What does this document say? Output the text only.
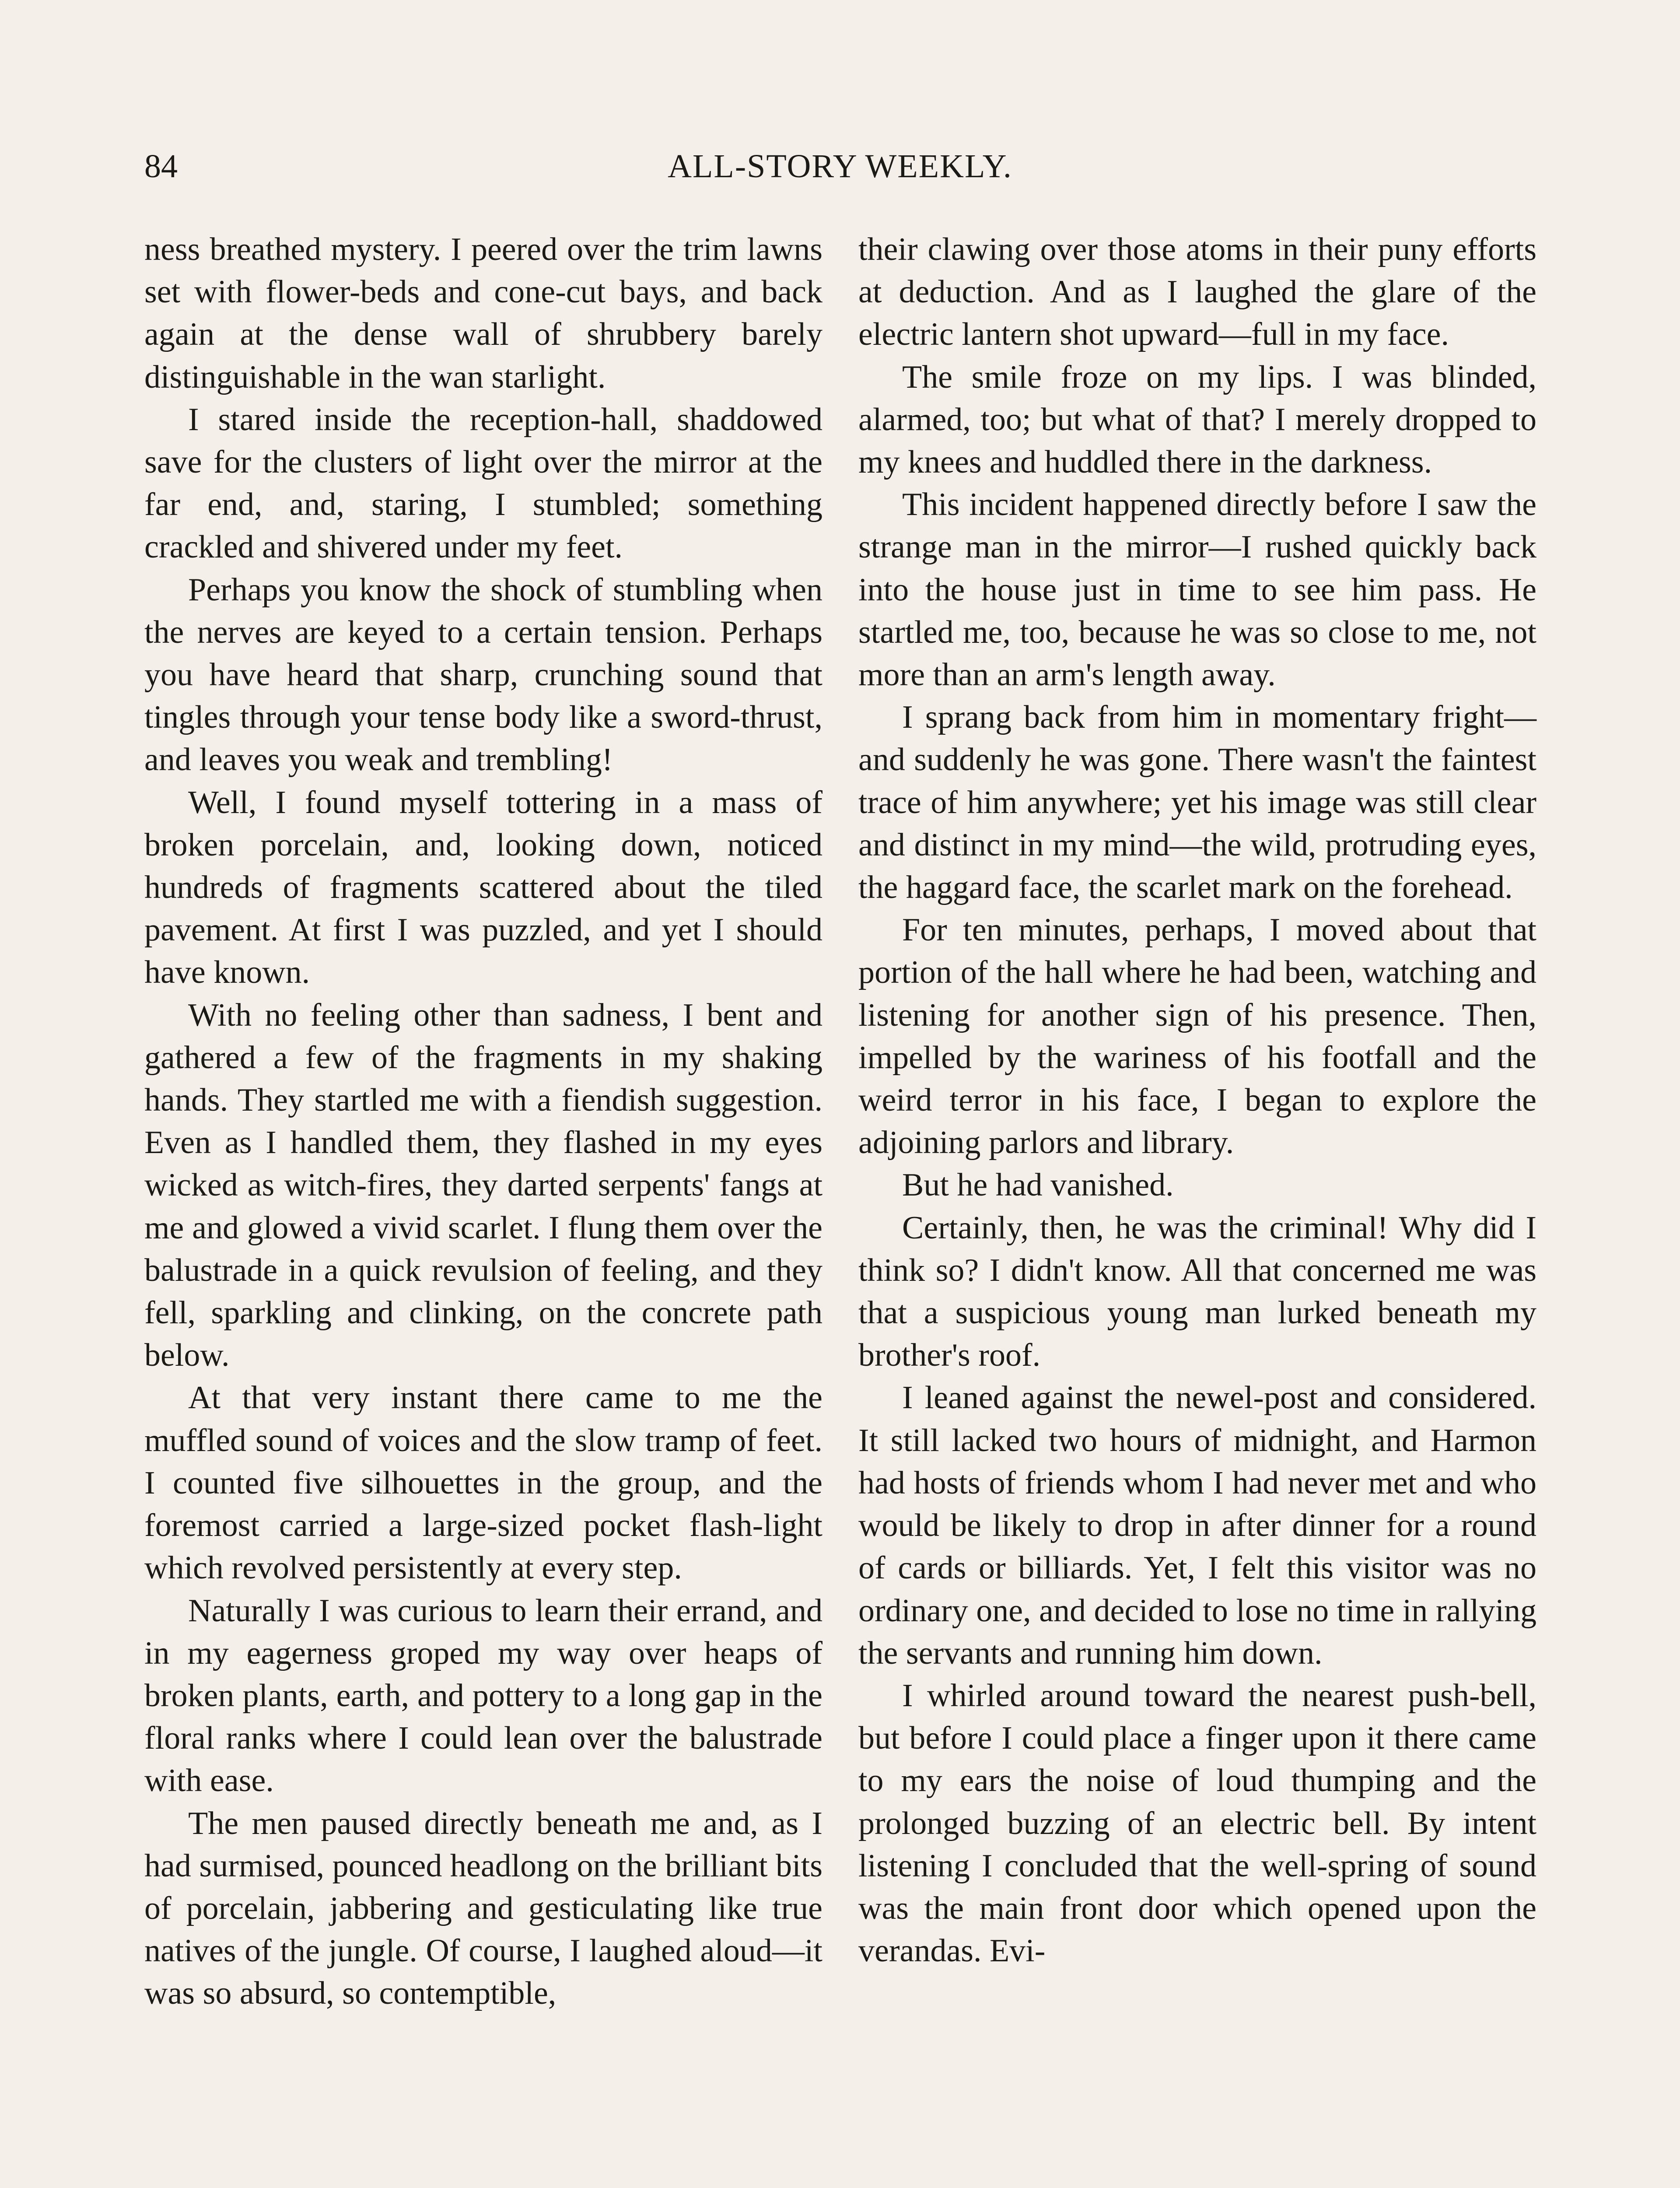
84	ALL-STORY WEEKLY.

ness breathed mystery. I peered over the trim lawns set with flower-beds and cone-cut bays, and back again at the dense wall of shrubbery barely distinguishable in the wan starlight.

I stared inside the reception-hall, shaddowed save for the clusters of light over the mirror at the far end, and, staring, I stumbled; something crackled and shivered under my feet.

Perhaps you know the shock of stumbling when the nerves are keyed to a certain tension. Perhaps you have heard that sharp, crunching sound that tingles through your tense body like a sword-thrust, and leaves you weak and trembling!

Well, I found myself tottering in a mass of broken porcelain, and, looking down, noticed hundreds of fragments scattered about the tiled pavement. At first I was puzzled, and yet I should have known.

With no feeling other than sadness, I bent and gathered a few of the fragments in my shaking hands. They startled me with a fiendish suggestion. Even as I handled them, they flashed in my eyes wicked as witch-fires, they darted serpents' fangs at me and glowed a vivid scarlet. I flung them over the balustrade in a quick revulsion of feeling, and they fell, sparkling and clinking, on the concrete path below.

At that very instant there came to me the muffled sound of voices and the slow tramp of feet. I counted five silhouettes in the group, and the foremost carried a large-sized pocket flash-light which revolved persistently at every step.

Naturally I was curious to learn their errand, and in my eagerness groped my way over heaps of broken plants, earth, and pottery to a long gap in the floral ranks where I could lean over the balustrade with ease.

The men paused directly beneath me and, as I had surmised, pounced headlong on the brilliant bits of porcelain, jabbering and gesticulating like true natives of the jungle. Of course, I laughed aloud—it was so absurd, so contemptible,

their clawing over those atoms in their puny efforts at deduction. And as I laughed the glare of the electric lantern shot upward—full in my face.

The smile froze on my lips. I was blinded, alarmed, too; but what of that? I merely dropped to my knees and huddled there in the darkness.

This incident happened directly before I saw the strange man in the mirror—I rushed quickly back into the house just in time to see him pass. He startled me, too, because he was so close to me, not more than an arm's length away.

I sprang back from him in momentary fright—and suddenly he was gone. There wasn't the faintest trace of him anywhere; yet his image was still clear and distinct in my mind—the wild, protruding eyes, the haggard face, the scarlet mark on the forehead.

For ten minutes, perhaps, I moved about that portion of the hall where he had been, watching and listening for another sign of his presence. Then, impelled by the wariness of his footfall and the weird terror in his face, I began to explore the adjoining parlors and library.

But he had vanished.

Certainly, then, he was the criminal! Why did I think so? I didn't know. All that concerned me was that a suspicious young man lurked beneath my brother's roof.

I leaned against the newel-post and considered. It still lacked two hours of midnight, and Harmon had hosts of friends whom I had never met and who would be likely to drop in after dinner for a round of cards or billiards. Yet, I felt this visitor was no ordinary one, and decided to lose no time in rallying the servants and running him down.

I whirled around toward the nearest push-bell, but before I could place a finger upon it there came to my ears the noise of loud thumping and the prolonged buzzing of an electric bell. By intent listening I concluded that the well-spring of sound was the main front door which opened upon the verandas. Evi-
